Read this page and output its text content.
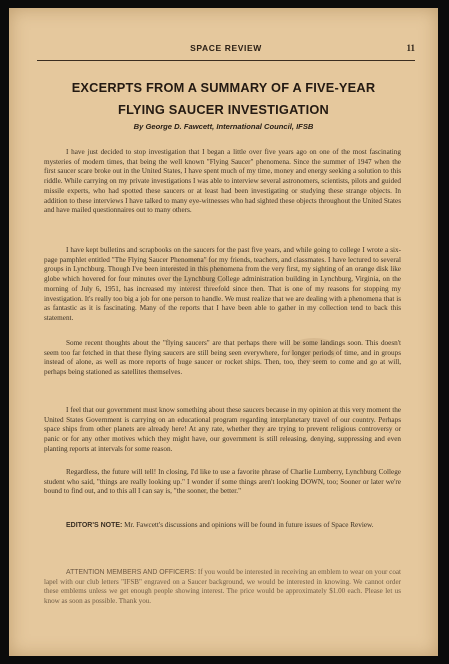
SPACE REVIEW	11
EXCERPTS FROM A SUMMARY OF A FIVE-YEAR
FLYING SAUCER INVESTIGATION
By George D. Fawcett, International Council, IFSB

I have just decided to stop investigation that I began a little over five years ago on one of the most fascinating mysteries of modern times, that being the well known "Flying Saucer" phenomena. Since the summer of 1947 when the first saucer scare broke out in the United States, I have spent much of my time, money and energy seeking a solution to this riddle. While carrying on my private investigations I was able to interview several astronomers, scientists, pilots and guided missile experts, who had spotted these saucers or at least had been investigating or studying these strange objects. In addition to these interviews I have talked to many eye-witnesses who had sighted these objects throughout the United States and have mailed questionnaires out to many others.

I have kept bulletins and scrapbooks on the saucers for the past five years, and while going to college I wrote a six-page pamphlet entitled "The Flying Saucer Phenomena" for my friends, teachers, and classmates. I have lectured to several groups in Lynchburg. Though I've been interested in this phenomena from the very first, my sighting of an orange disk like globe which hovered for four minutes over the Lynchburg College administration building in Lynchburg, Virginia, on the morning of July 6, 1951, has increased my interest threefold since then. That is one of my reasons for stopping my investigation. It's really too big a job for one person to handle. We must realize that we are dealing with a phenomena that is as fantastic as it is fascinating. Many of the reports that I have been able to gather in my collection tend to back this statement.

Some recent thoughts about the "flying saucers" are that perhaps there will be some landings soon. This doesn't seem too far fetched in that these flying saucers are still being seen everywhere, for longer periods of time, and in groups instead of alone, as well as more reports of huge saucer or rocket ships. Then, too, they seem to come and go at will, perhaps being stationed as satellites themselves.

I feel that our government must know something about these saucers because in my opinion at this very moment the United States Government is carrying on an educational program regarding interplanetary travel of our country. Perhaps space ships from other planets are already here! At any rate, whether they are trying to prevent religious controversy or panic or for any other motives which they might have, our government is still releasing, denying, suppressing and even planting reports at intervals for some reason.

Regardless, the future will tell! In closing, I'd like to use a favorite phrase of Charlie Lumberry, Lynchburg College student who said, "things are really looking up." I wonder if some things aren't looking DOWN, too; Sooner or later we're bound to find out, and to this all I can say is, "the sooner, the better."

EDITOR'S NOTE: Mr. Fawcett's discussions and opinions will be found in future issues of Space Review.

ATTENTION MEMBERS AND OFFICERS: If you would be interested in receiving an emblem to wear on your coat lapel with our club letters "IFSB" engraved on a Saucer background, we would be interested in knowing. We cannot order these emblems unless we get enough people showing interest. The price would be approximately $1.00 each. Please let us know as soon as possible. Thank you.
